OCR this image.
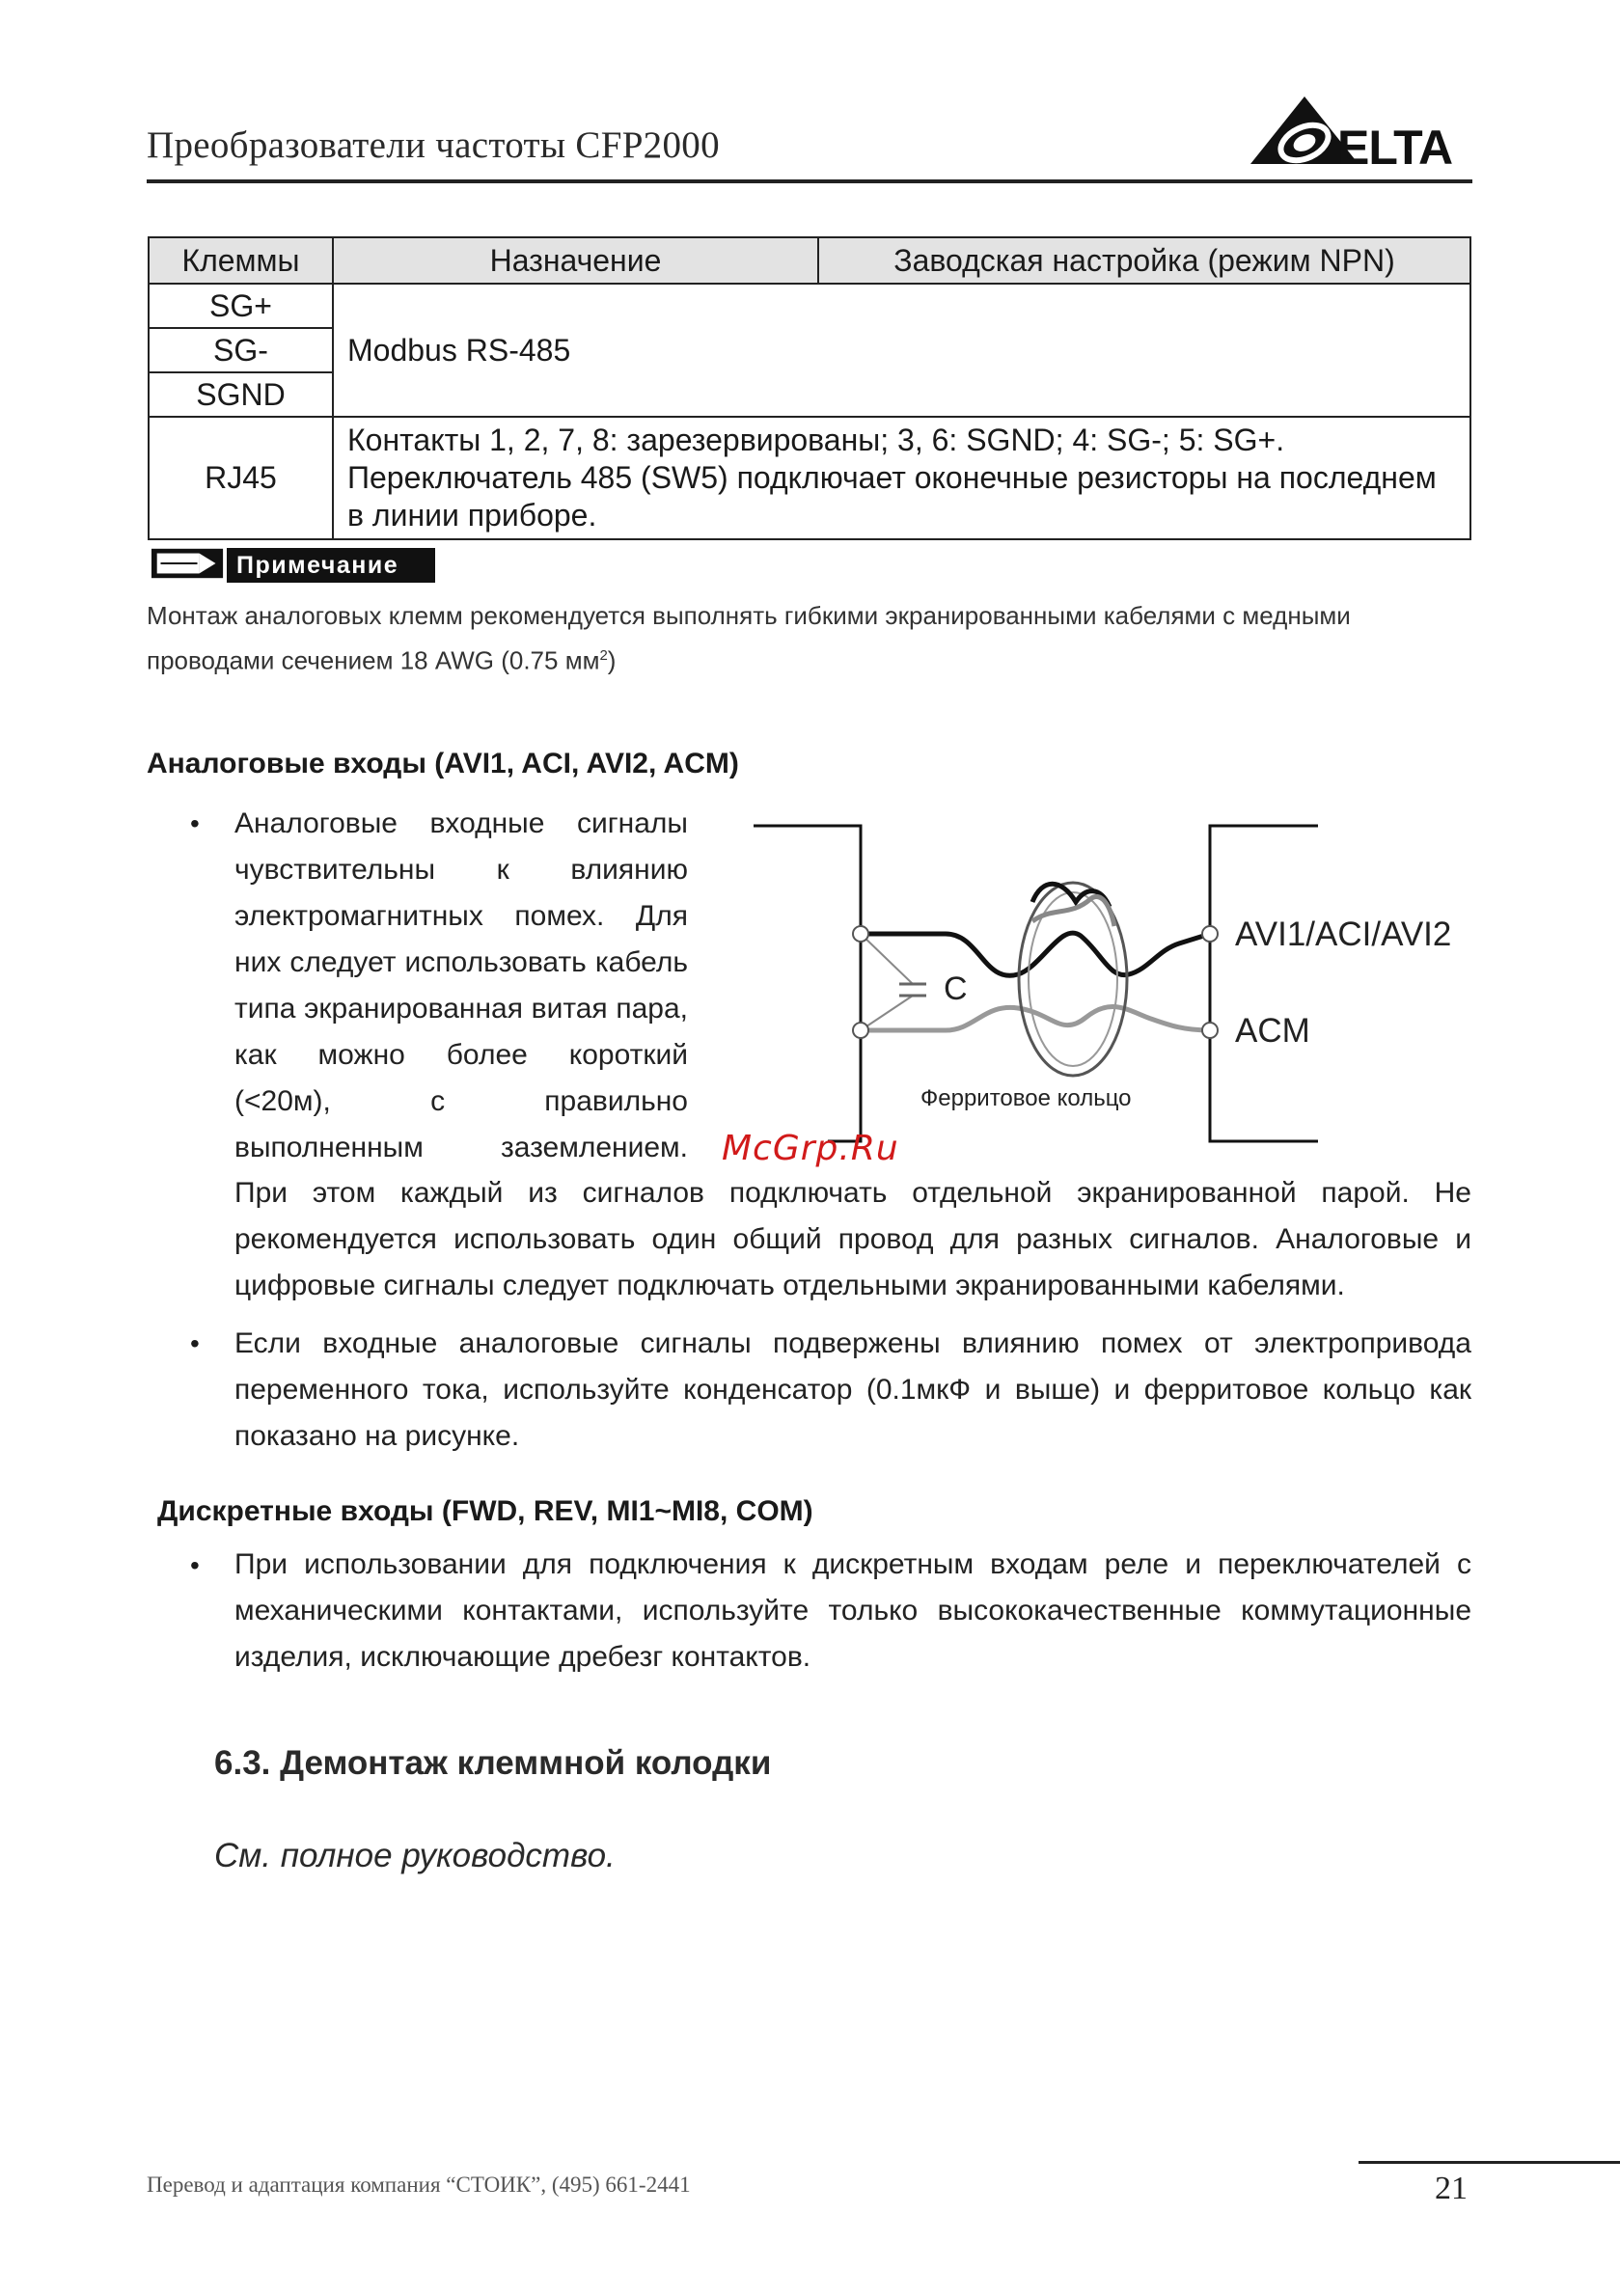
Преобразователи частоты CFP2000	ELTA
Клеммы	Назначение	Заводская настройка (режим NPN)
SG+	Modbus RS-485	
SG-		
SGND		
RJ45	Контакты 1, 2, 7, 8: зарезервированы; 3, 6: SGND; 4: SG-; 5: SG+. Переключатель 485 (SW5) подключает оконечные резисторы на последнем в линии приборе.	
Примечание
Монтаж аналоговых клемм рекомендуется выполнять гибкими экранированными кабелями с медными проводами сечением 18 AWG (0.75 $мм^2$)
Аналоговые входы (AVI1, ACI, AVI2, ACM)
• Аналоговые входные сигналы чувствительны к влиянию электромагнитных помех. Для них следует использовать кабель типа экранированная витая пара, как можно более короткий (<20м), с правильно выполненным заземлением.
При этом каждый из сигналов подключать отдельной экранированной парой. Не рекомендуется использовать один общий провод для разных сигналов. Аналоговые и цифровые сигналы следует подключать отдельными экранированными кабелями.
• Если входные аналоговые сигналы подвержены влиянию помех от электропривода переменного тока, используйте конденсатор (0.1мкФ и выше) и ферритовое кольцо как показано на рисунке.
C
AVI1/ACI/AVI2
ACM
Ферритовое кольцо
McGrp.Ru
Дискретные входы (FWD, REV, MI1~MI8, COM)
• При использовании для подключения к дискретным входам реле и переключателей с механическими контактами, используйте только высококачественные коммутационные изделия, исключающие дребезг контактов.
6.3. Демонтаж клеммной колодки
См. полное руководство.
Перевод и адаптация компания “СТОИК”, (495) 661-2441	21
